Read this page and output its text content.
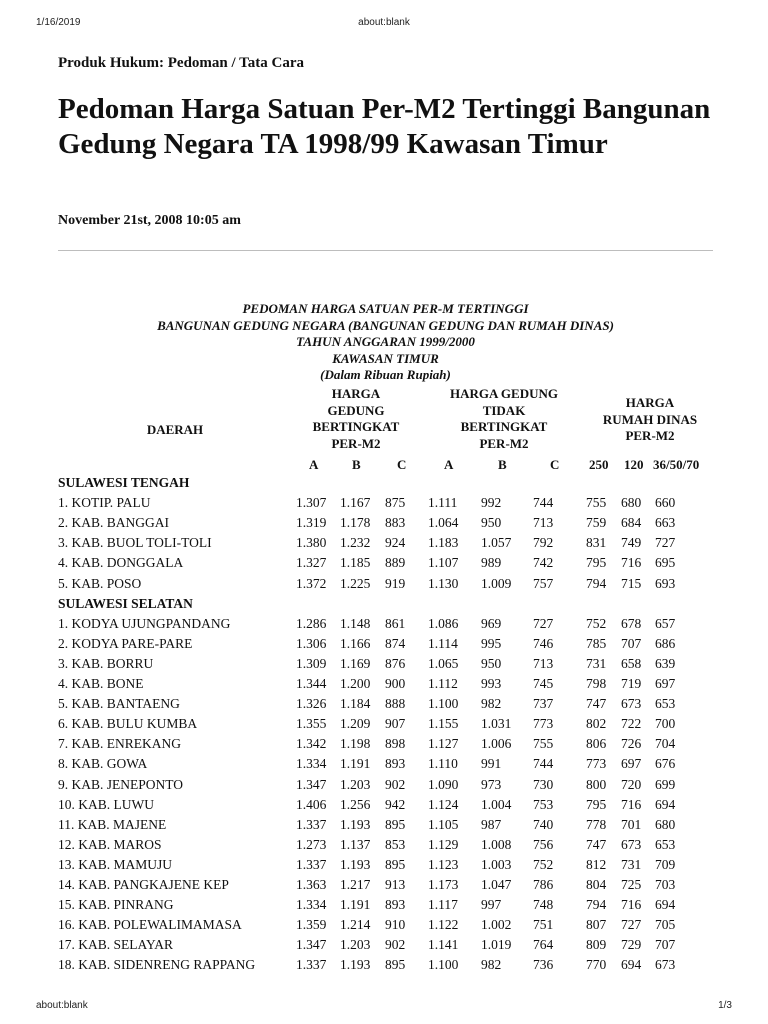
1/16/2019	about:blank
Produk Hukum: Pedoman / Tata Cara
Pedoman Harga Satuan Per-M2 Tertinggi Bangunan Gedung Negara TA 1998/99 Kawasan Timur
November 21st, 2008 10:05 am
PEDOMAN HARGA SATUAN PER-M TERTINGGI
BANGUNAN GEDUNG NEGARA (BANGUNAN GEDUNG DAN RUMAH DINAS)
TAHUN ANGGARAN 1999/2000
KAWASAN TIMUR
(Dalam Ribuan Rupiah)
DAERAH
HARGA
GEDUNG
BERTINGKAT
PER-M2
HARGA GEDUNG
TIDAK
BERTINGKAT
PER-M2
HARGA
RUMAH DINAS
PER-M2
A	B	C	A	B	C 250 120 36/50/70
SULAWESI TENGAH
1. KOTIP. PALU	1.307 1.167 875 1.111 992 744 755 680 660
2. KAB. BANGGAI	1.319 1.178 883 1.064 950 713 759 684 663
3. KAB. BUOL TOLI-TOLI	1.380 1.232 924 1.183 1.057 792 831 749 727
4. KAB. DONGGALA	1.327 1.185 889 1.107 989 742 795 716 695
5. KAB. POSO	1.372 1.225 919 1.130 1.009 757 794 715 693
SULAWESI SELATAN
1. KODYA UJUNGPANDANG	1.286 1.148 861 1.086 969 727 752 678 657
2. KODYA PARE-PARE	1.306 1.166 874 1.114 995 746 785 707 686
3. KAB. BORRU	1.309 1.169 876 1.065 950 713 731 658 639
4. KAB. BONE	1.344 1.200 900 1.112 993 745 798 719 697
5. KAB. BANTAENG	1.326 1.184 888 1.100 982 737 747 673 653
6. KAB. BULU KUMBA	1.355 1.209 907 1.155 1.031 773 802 722 700
7. KAB. ENREKANG	1.342 1.198 898 1.127 1.006 755 806 726 704
8. KAB. GOWA	1.334 1.191 893 1.110 991 744 773 697 676
9. KAB. JENEPONTO	1.347 1.203 902 1.090 973 730 800 720 699
10. KAB. LUWU	1.406 1.256 942 1.124 1.004 753 795 716 694
11. KAB. MAJENE	1.337 1.193 895 1.105 987 740 778 701 680
12. KAB. MAROS	1.273 1.137 853 1.129 1.008 756 747 673 653
13. KAB. MAMUJU	1.337 1.193 895 1.123 1.003 752 812 731 709
14. KAB. PANGKAJENE KEP	1.363 1.217 913 1.173 1.047 786 804 725 703
15. KAB. PINRANG	1.334 1.191 893 1.117 997 748 794 716 694
16. KAB. POLEWALIMAMASA	1.359 1.214 910 1.122 1.002 751 807 727 705
17. KAB. SELAYAR	1.347 1.203 902 1.141 1.019 764 809 729 707
18. KAB. SIDENRENG RAPPANG	1.337 1.193 895 1.100 982 736 770 694 673
about:blank	1/3
